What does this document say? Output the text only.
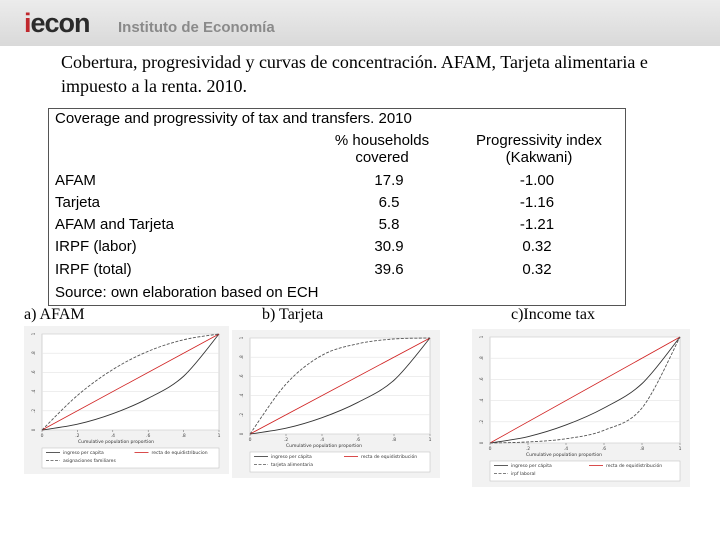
iecon Instituto de Economía
Cobertura, progresividad y curvas de concentración. AFAM, Tarjeta alimentaria e impuesto a la renta. 2010.
Coverage and progressivity of tax and transfers. 2010
% households covered
Progressivity index (Kakwani)
AFAM	17.9	-1.00
Tarjeta	6.5	-1.16
AFAM and Tarjeta	5.8	-1.21
IRPF (labor)	30.9	0.32
IRPF (total)	39.6	0.32
Source: own elaboration based on ECH
a) AFAM	b) Tarjeta	c)Income tax
0
.2
.4
.6
.8
1
0	.2	.4	.6	.8	1
Cumulative population proportion
ingreso per capita	recta de equidistribucion
asignaciones familiares
0
.2
.4
.6
.8
1
0	.2	.4	.6	.8	1
Cumulative population proportion
ingreso per cápita	recta de equidistribución
tarjeta alimentaria
0
.2
.4
.6
.8
1
0	.2	.4	.6	.8	1
Cumulative population proportion
ingreso per cápita	recta de equidistribución
irpf laboral
